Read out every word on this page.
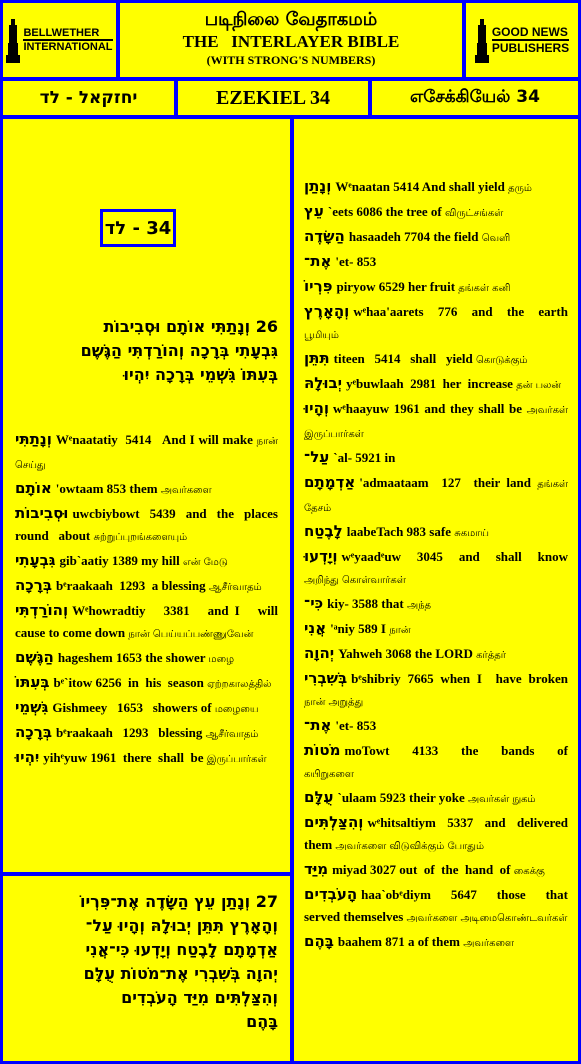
BELLWETHER
INTERNATIONAL
படிநிலை வேதாகமம்
THE   INTERLAYER BIBLE
(WITH STRONG'S NUMBERS)
GOOD NEWS
PUBLISHERS
יחזקאל - לד	EZEKIEL 34	எசேக்கியேல் 34
34 - לד
26 וְנָתַתִּי אוֹתָם וּסְבִיבוֹת
גִּבְעָתִי בְּרָכָה וְהוֹרַדְתִּי הַגֶּשֶׁם
בְּעִתּוֹ גִּשְׁמֵי בְּרָכָה יִהְיוּ
וְנָתַתִּי Wᵉnaatatiy  5414   And I will make நான் செய்து
אוֹתָם 'owtaam 853 them அவர்களை
וּסְבִיבוֹת uwcbiybowt   5439   and   the   places   round   about சுற்றுப்புறங்களையும்
גִּבְעָתִי gib`aatiy 1389 my hill என் மேடு
בְּרָכָה bᵉraakaah  1293  a blessing ஆசீர்வாதம்
וְהוֹרַדְתִּי Wᵉhowradtiy   3381   and I   will   cause to come down நான் பெய்யப்பண்ணுவேன்
הַגֶּשֶׁם hageshem 1653 the shower மழை
בְּעִתּוֹ bᵉ`itow 6256  in  his  season ஏற்றகாலத்தில்
גִּשְׁמֵי Gishmeey   1653   showers of மழையை
בְּרָכָה bᵉraakaah   1293   blessing ஆசீர்வாதம்
יִהְיוּ yihᵉyuw 1961  there  shall  be இருப்பார்கள்
27 וְנָתַן עֵץ הַשָּׂדֶה אֶת־פִּרְיוֹ
וְהָאָרֶץ תִּתֵּן יְבוּלָהּ וְהָיוּ עַל־
אַדְמָתָם לָבֶטַח וְיָדְעוּ כִּי־אֲנִי
יְהוָה בְּשִׁבְרִי אֶת־מֹטוֹת עֻלָּם
וְהִצַּלְתִּים מִיַּד הָעֹבְדִים
בָּהֶם
וְנָתַן Wᵉnaatan 5414 And shall yield தரும்
עֵץ `eets 6086 the tree of விருட்சங்கள்
הַשָּׂדֶה hasaadeh 7704 the field வெளி
אֶת־ 'et- 853
פִּרְיוֹ piryow 6529 her fruit தங்கள் கனி
וְהָאָרֶץ wᵉhaa'aarets  776  and  the  earth பூமியும்
תִּתֵּן titeen   5414   shall   yield கொடுக்கும்
יְבוּלָהּ yᵉbuwlaah  2981  her  increase தன் பலன்
וְהָיוּ wᵉhaayuw 1961 and they shall be அவர்கள் இருப்பார்கள்
עַל־ `al- 5921 in
אַדְמָתָם 'admaataam  127  their land தங்கள் தேசம்
לָבֶטַח laabeTach 983 safe சுகமாய்
וְיָדְעוּ wᵉyaadᵉuw   3045   and   shall   know அறிந்து கொள்வார்கள்
כִּי־ kiy- 3588 that அந்த
אֲנִי 'ᵃniy 589 I நான்
יְהוָה Yahweh 3068 the LORD கர்த்தர்
בְּשִׁבְרִי bᵉshibriy 7665 when I  have broken நான் அறுத்து
אֶת־ 'et- 853
מֹטוֹת moTowt   4133   the   bands   of கயிறுகளை
עֻלָּם `ulaam 5923 their yoke அவர்கள் நுகம்
וְהִצַּלְתִּים wᵉhitsaltiym   5337   and   delivered   them அவர்களை விடுவிக்கும் போதும்
מִיַּד miyad 3027 out  of  the  hand  of கைக்கு
הָעֹבְדִים haa`obᵉdiym   5647   those   that  served themselves அவர்களை அடிமைகொண்டவர்கள்
בָּהֶם baahem 871 a of them அவர்களை
